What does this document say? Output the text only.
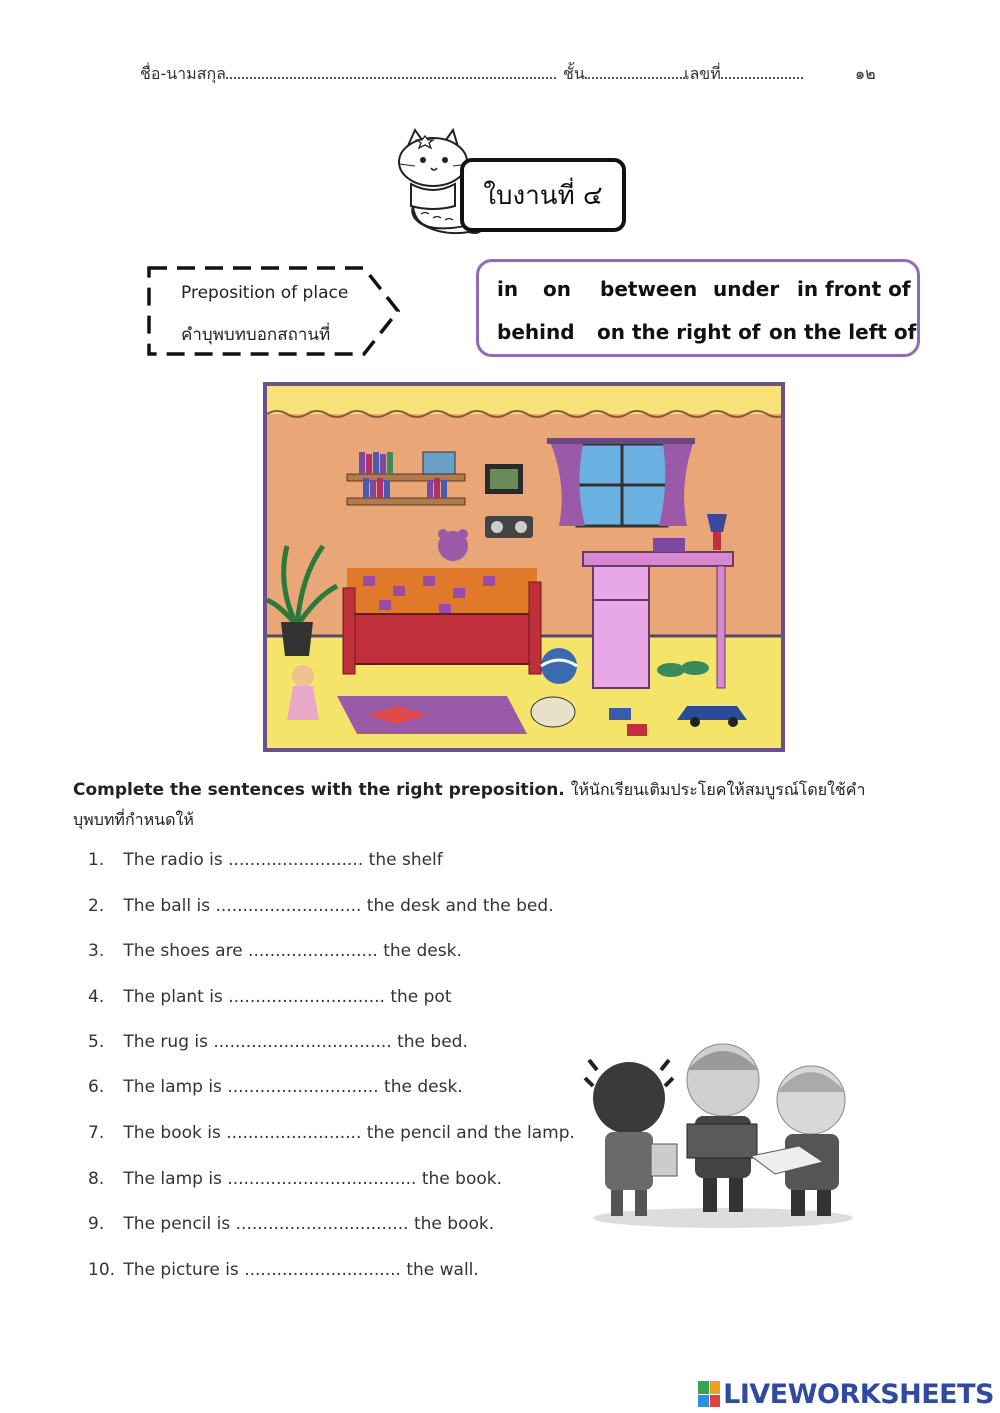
ชื่อ-นามสกุล	ชั้น	เลขที่	๑๒
ใบงานที่ ๔
Preposition of place
คำบุพบทบอกสถานที่
in on between under in front of
behind on the right of on the left of
Complete the sentences with the right preposition. ให้นักเรียนเติมประโยคให้สมบูรณ์โดยใช้คำบุพบทที่กำหนดให้
1. The radio is ......................... the shelf
2. The ball is ........................... the desk and the bed.
3. The shoes are ........................ the desk.
4. The plant is ............................. the pot
5. The rug is ................................. the bed.
6. The lamp is ............................ the desk.
7. The book is ......................... the pencil and the lamp.
8. The lamp is ................................... the book.
9. The pencil is ................................ the book.
10. The picture is ............................. the wall.
LIVEWORKSHEETS
